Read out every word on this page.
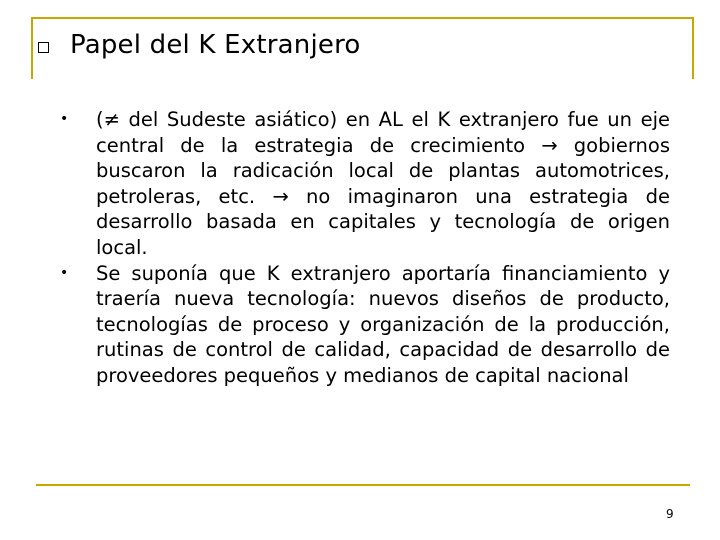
Papel del K Extranjero
•	(≠ del Sudeste asiático) en AL el K extranjero fue un eje central de la estrategia de crecimiento → gobiernos buscaron la radicación local de plantas automotrices, petroleras, etc. → no imaginaron una estrategia de desarrollo basada en capitales y tecnología de origen local.
•	Se suponía que K extranjero aportaría financiamiento y traería nueva tecnología: nuevos diseños de producto, tecnologías de proceso y organización de la producción, rutinas de control de calidad, capacidad de desarrollo de proveedores pequeños y medianos de capital nacional
9
